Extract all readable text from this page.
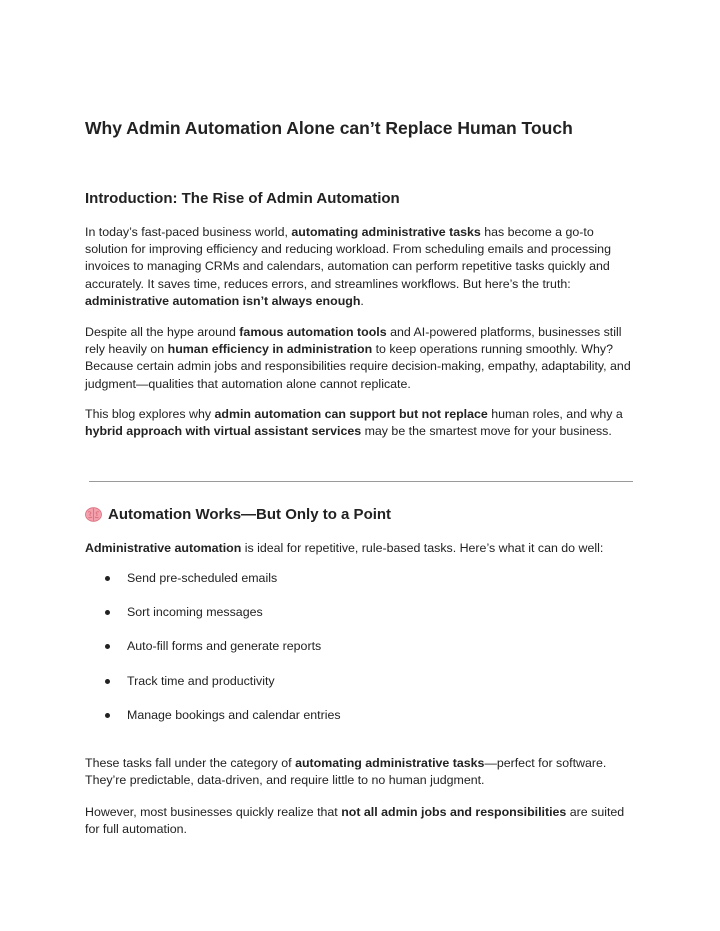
Why Admin Automation Alone can’t Replace Human Touch
Introduction: The Rise of Admin Automation

In today’s fast-paced business world, automating administrative tasks has become a go-to solution for improving efficiency and reducing workload. From scheduling emails and processing invoices to managing CRMs and calendars, automation can perform repetitive tasks quickly and accurately. It saves time, reduces errors, and streamlines workflows. But here’s the truth: administrative automation isn’t always enough.

Despite all the hype around famous automation tools and AI-powered platforms, businesses still rely heavily on human efficiency in administration to keep operations running smoothly. Why? Because certain admin jobs and responsibilities require decision-making, empathy, adaptability, and judgment—qualities that automation alone cannot replicate.

This blog explores why admin automation can support but not replace human roles, and why a hybrid approach with virtual assistant services may be the smartest move for your business.

Automation Works—But Only to a Point

Administrative automation is ideal for repetitive, rule-based tasks. Here’s what it can do well:

Send pre-scheduled emails
Sort incoming messages
Auto-fill forms and generate reports
Track time and productivity
Manage bookings and calendar entries

These tasks fall under the category of automating administrative tasks—perfect for software. They’re predictable, data-driven, and require little to no human judgment.

However, most businesses quickly realize that not all admin jobs and responsibilities are suited for full automation.
